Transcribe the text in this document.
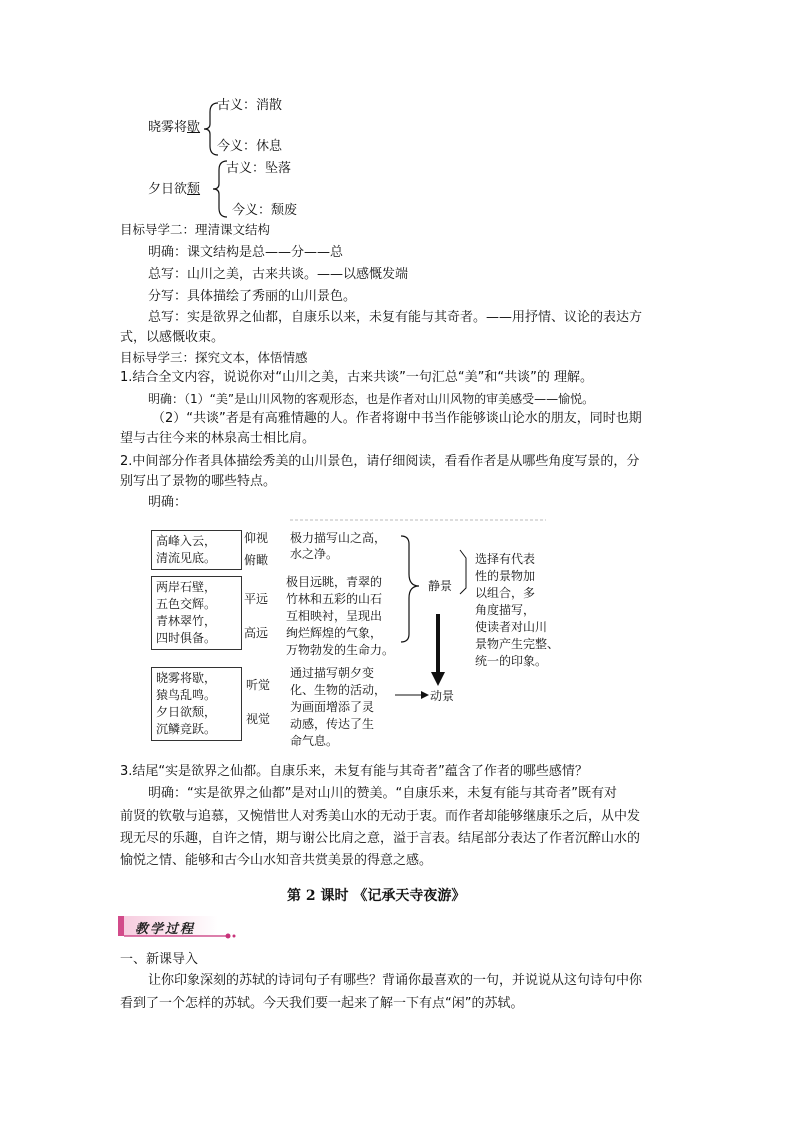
晓雾将歇
古义：消散
今义：休息
夕日欲颓
古义：坠落
今义：颓废
目标导学二：理清课文结构
明确：课文结构是总——分——总
总写：山川之美，古来共谈。——以感慨发端
分写：具体描绘了秀丽的山川景色。
总写：实是欲界之仙都，自康乐以来，未复有能与其奇者。——用抒情、议论的表达方
式，以感慨收束。
目标导学三：探究文本，体悟情感
1.结合全文内容，说说你对“山川之美，古来共谈”一句汇总“美”和“共谈”的 理解。
明确：（1）“美”是山川风物的客观形态，也是作者对山川风物的审美感受——愉悦。
（2）“共谈”者是有高雅情趣的人。作者将谢中书当作能够谈山论水的朋友，同时也期
望与古往今来的林泉高士相比肩。
2.中间部分作者具体描绘秀美的山川景色，请仔细阅读，看看作者是从哪些角度写景的，分
别写出了景物的哪些特点。
明确：
高峰入云，
清流见底。
仰视
俯瞰
极力描写山之高，
水之净。
两岸石壁，
五色交辉。
青林翠竹，
四时俱备。
平远
高远
极目远眺，青翠的
竹林和五彩的山石
互相映衬，呈现出
绚烂辉煌的气象，
万物勃发的生命力。
晓雾将歇，
猿鸟乱鸣。
夕日欲颓，
沉鳞竞跃。
听觉
视觉
通过描写朝夕变
化、生物的活动，
为画面增添了灵
动感，传达了生
命气息。
静景
动景
选择有代表
性的景物加
以组合，多
角度描写，
使读者对山川
景物产生完整、
统一的印象。
3.结尾“实是欲界之仙都。自康乐来，未复有能与其奇者”蕴含了作者的哪些感情？
明确：“实是欲界之仙都”是对山川的赞美。“自康乐来，未复有能与其奇者”既有对
前贤的钦敬与追慕，又惋惜世人对秀美山水的无动于衷。而作者却能够继康乐之后，从中发
现无尽的乐趣，自许之情，期与谢公比肩之意，溢于言表。结尾部分表达了作者沉醉山水的
愉悦之情、能够和古今山水知音共赏美景的得意之感。
第 2 课时 《记承天寺夜游》
教学过程
一、新课导入
让你印象深刻的苏轼的诗词句子有哪些？背诵你最喜欢的一句，并说说从这句诗句中你
看到了一个怎样的苏轼。今天我们要一起来了解一下有点“闲”的苏轼。
